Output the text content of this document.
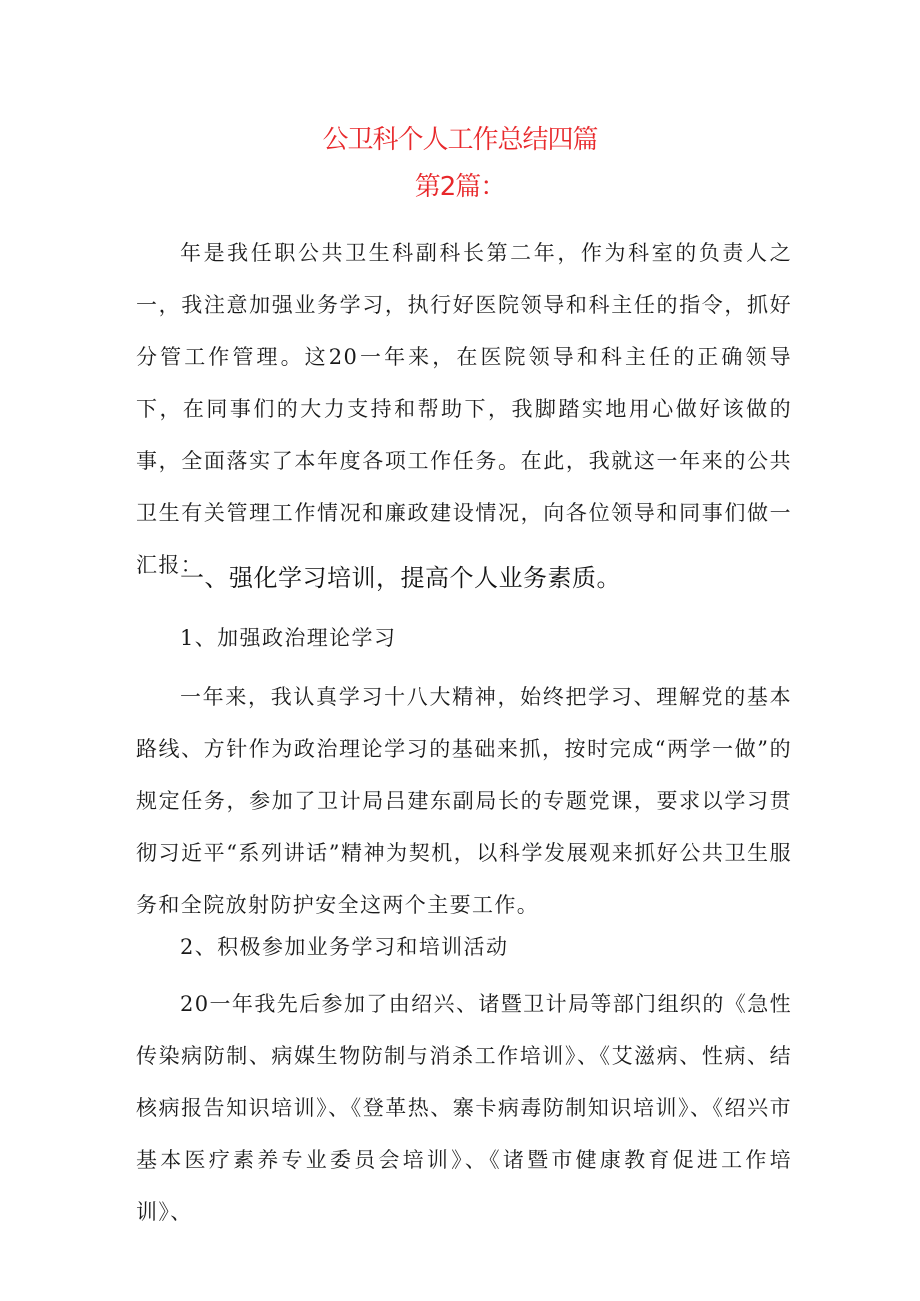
公卫科个人工作总结四篇
第2篇：
年是我任职公共卫生科副科长第二年，作为科室的负责人之一，我注意加强业务学习，执行好医院领导和科主任的指令，抓好分管工作管理。这20一年来，在医院领导和科主任的正确领导下，在同事们的大力支持和帮助下，我脚踏实地用心做好该做的事，全面落实了本年度各项工作任务。在此，我就这一年来的公共卫生有关管理工作情况和廉政建设情况，向各位领导和同事们做一汇报：
一、强化学习培训，提高个人业务素质。
1、加强政治理论学习
一年来，我认真学习十八大精神，始终把学习、理解党的基本路线、方针作为政治理论学习的基础来抓，按时完成“两学一做”的规定任务，参加了卫计局吕建东副局长的专题党课，要求以学习贯彻习近平“系列讲话”精神为契机，以科学发展观来抓好公共卫生服务和全院放射防护安全这两个主要工作。
2、积极参加业务学习和培训活动
20一年我先后参加了由绍兴、诸暨卫计局等部门组织的《急性传染病防制、病媒生物防制与消杀工作培训》、《艾滋病、性病、结核病报告知识培训》、《登革热、寨卡病毒防制知识培训》、《绍兴市基本医疗素养专业委员会培训》、《诸暨市健康教育促进工作培训》、
